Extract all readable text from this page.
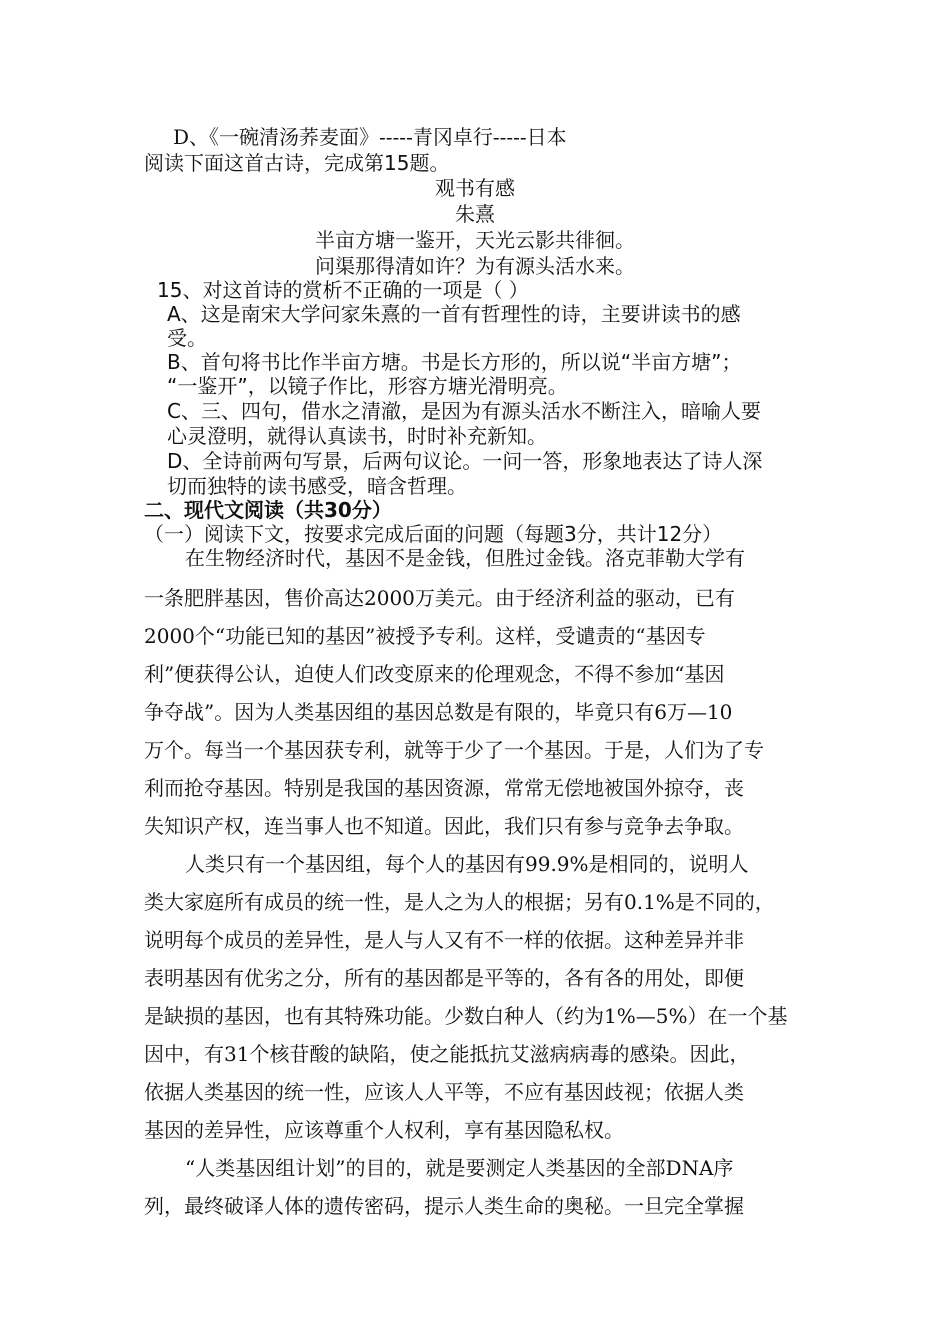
D、《一碗清汤荞麦面》-----青冈卓行-----日本
阅读下面这首古诗，完成第15题。
观书有感
朱熹
半亩方塘一鉴开，天光云影共徘徊。
问渠那得清如许？为有源头活水来。
15、对这首诗的赏析不正确的一项是（ ）
A、这是南宋大学问家朱熹的一首有哲理性的诗，主要讲读书的感
受。
B、首句将书比作半亩方塘。书是长方形的，所以说“半亩方塘”；
“一鉴开”，以镜子作比，形容方塘光滑明亮。
C、三、四句，借水之清澈，是因为有源头活水不断注入，暗喻人要
心灵澄明，就得认真读书，时时补充新知。
D、全诗前两句写景，后两句议论。一问一答，形象地表达了诗人深
切而独特的读书感受，暗含哲理。
二、现代文阅读（共30分）
（一）阅读下文，按要求完成后面的问题（每题3分，共计12分）
在生物经济时代，基因不是金钱，但胜过金钱。洛克菲勒大学有
一条肥胖基因，售价高达2000万美元。由于经济利益的驱动，已有
2000个“功能已知的基因”被授予专利。这样，受谴责的“基因专
利”便获得公认，迫使人们改变原来的伦理观念，不得不参加“基因
争夺战”。因为人类基因组的基因总数是有限的，毕竟只有6万—10
万个。每当一个基因获专利，就等于少了一个基因。于是，人们为了专
利而抢夺基因。特别是我国的基因资源，常常无偿地被国外掠夺，丧
失知识产权，连当事人也不知道。因此，我们只有参与竞争去争取。
人类只有一个基因组，每个人的基因有99.9%是相同的，说明人
类大家庭所有成员的统一性，是人之为人的根据；另有0.1%是不同的，
说明每个成员的差异性，是人与人又有不一样的依据。这种差异并非
表明基因有优劣之分，所有的基因都是平等的，各有各的用处，即便
是缺损的基因，也有其特殊功能。少数白种人（约为1%—5%）在一个基
因中，有31个核苷酸的缺陷，使之能抵抗艾滋病病毒的感染。因此，
依据人类基因的统一性，应该人人平等，不应有基因歧视；依据人类
基因的差异性，应该尊重个人权利，享有基因隐私权。
“人类基因组计划”的目的，就是要测定人类基因的全部DNA序
列，最终破译人体的遗传密码，提示人类生命的奥秘。一旦完全掌握
